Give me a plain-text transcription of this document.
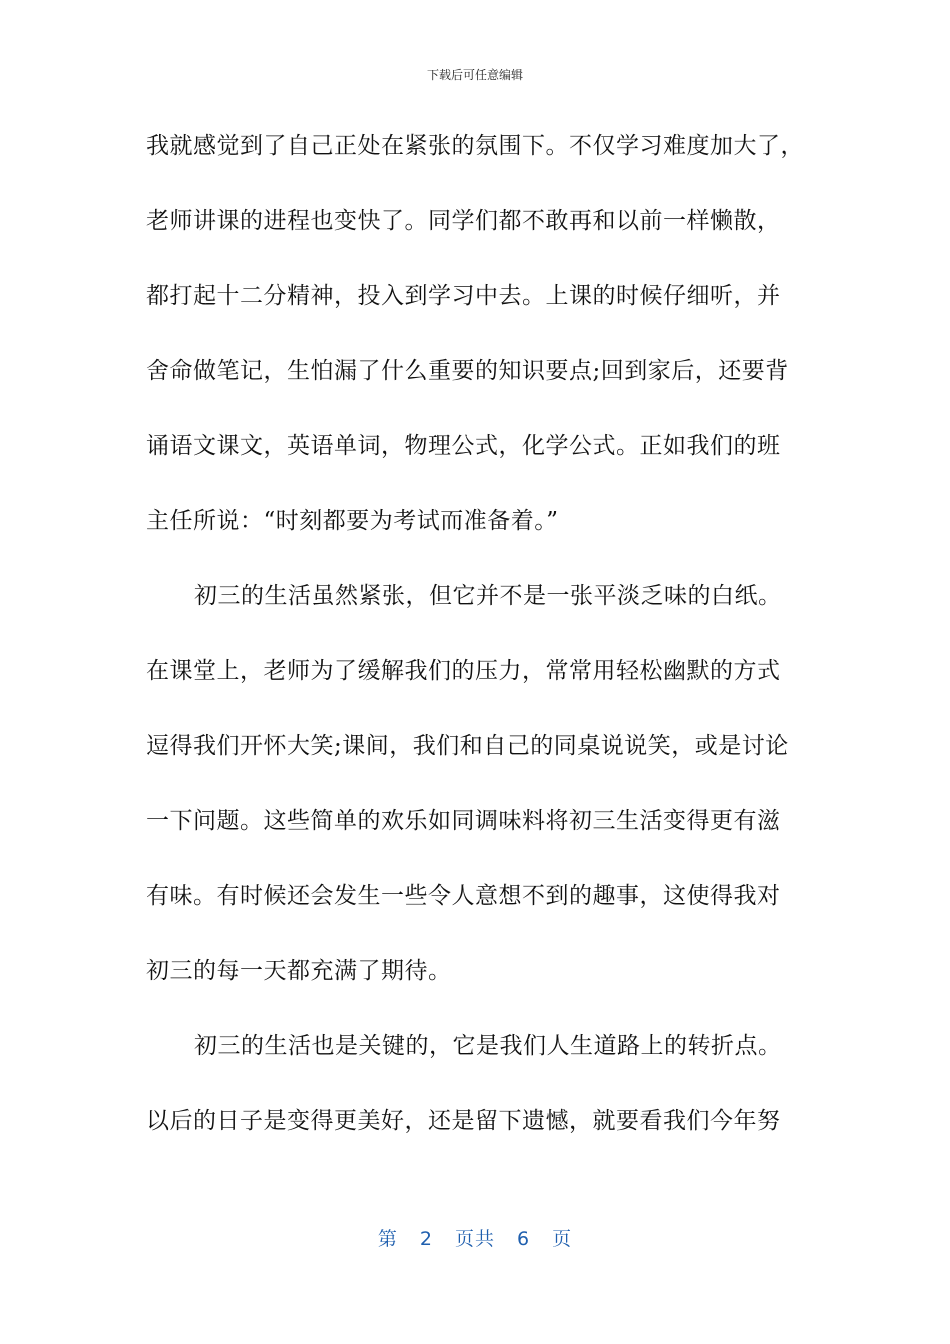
下载后可任意编辑
我就感觉到了自己正处在紧张的氛围下。不仅学习难度加大了，
老师讲课的进程也变快了。同学们都不敢再和以前一样懒散，
都打起十二分精神，投入到学习中去。上课的时候仔细听，并
舍命做笔记，生怕漏了什么重要的知识要点;回到家后，还要背
诵语文课文，英语单词，物理公式，化学公式。正如我们的班
主任所说：“时刻都要为考试而准备着。”
初三的生活虽然紧张，但它并不是一张平淡乏味的白纸。
在课堂上，老师为了缓解我们的压力，常常用轻松幽默的方式
逗得我们开怀大笑;课间，我们和自己的同桌说说笑，或是讨论
一下问题。这些简单的欢乐如同调味料将初三生活变得更有滋
有味。有时候还会发生一些令人意想不到的趣事，这使得我对
初三的每一天都充满了期待。
初三的生活也是关键的，它是我们人生道路上的转折点。
以后的日子是变得更美好，还是留下遗憾，就要看我们今年努
第 2 页共 6 页
